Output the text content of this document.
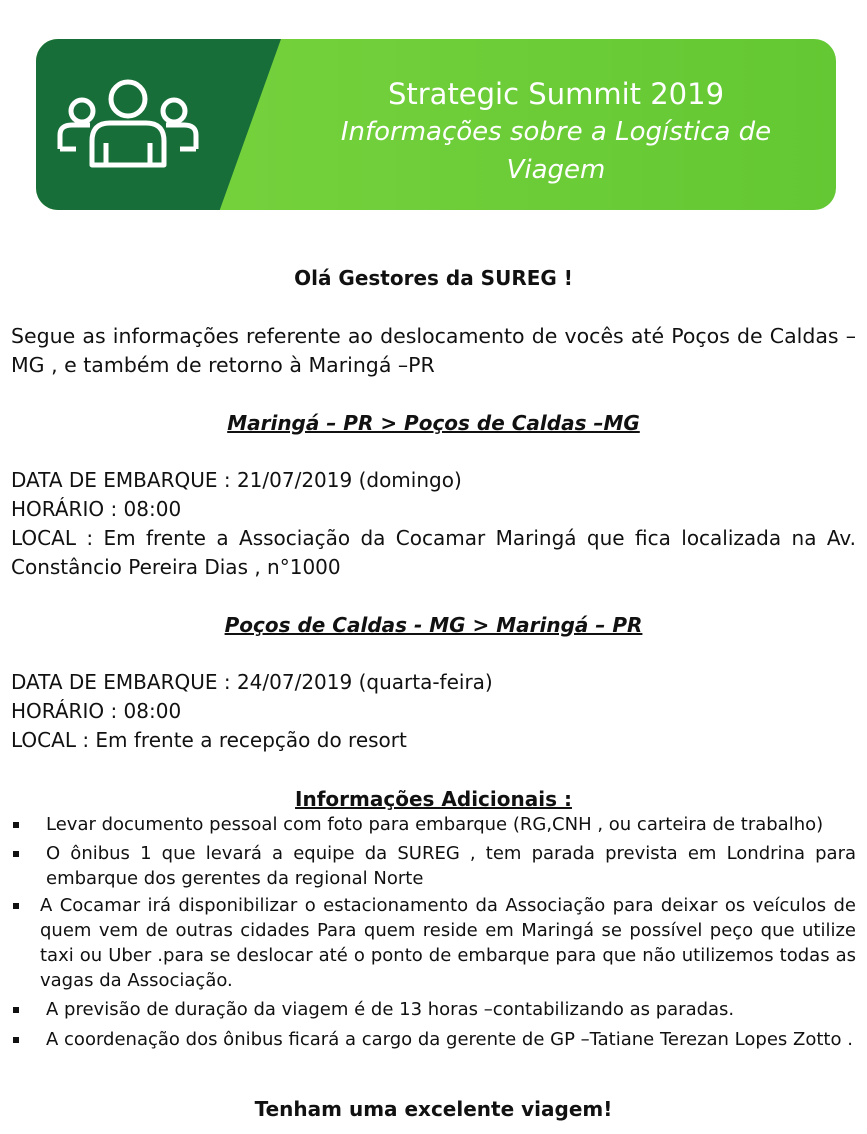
Strategic Summit 2019
Informações sobre a Logística de
Viagem
Olá Gestores da SUREG !
Segue as informações referente ao deslocamento de vocês até Poços de Caldas – MG , e também de retorno à Maringá –PR
Maringá – PR > Poços de Caldas –MG
DATA DE EMBARQUE : 21/07/2019 (domingo)
HORÁRIO : 08:00
LOCAL : Em frente a Associação da Cocamar Maringá que fica localizada na Av. Constâncio Pereira Dias , n°1000
Poços de Caldas - MG > Maringá – PR
DATA DE EMBARQUE : 24/07/2019 (quarta-feira)
HORÁRIO : 08:00
LOCAL : Em frente a recepção do resort
Informações Adicionais :

Levar documento pessoal com foto para embarque (RG,CNH , ou carteira de trabalho)

O ônibus 1 que levará a equipe da SUREG , tem parada prevista em Londrina para embarque dos gerentes da regional Norte

A Cocamar irá disponibilizar o estacionamento da Associação para deixar os veículos de quem vem de outras cidades Para quem reside em Maringá se possível peço que utilize taxi ou Uber .para se deslocar até o ponto de embarque para que não utilizemos todas as vagas da Associação.

A previsão de duração da viagem é de 13 horas –contabilizando as paradas.

A coordenação dos ônibus ficará a cargo da gerente de GP –Tatiane Terezan Lopes Zotto .

Tenham uma excelente viagem!
